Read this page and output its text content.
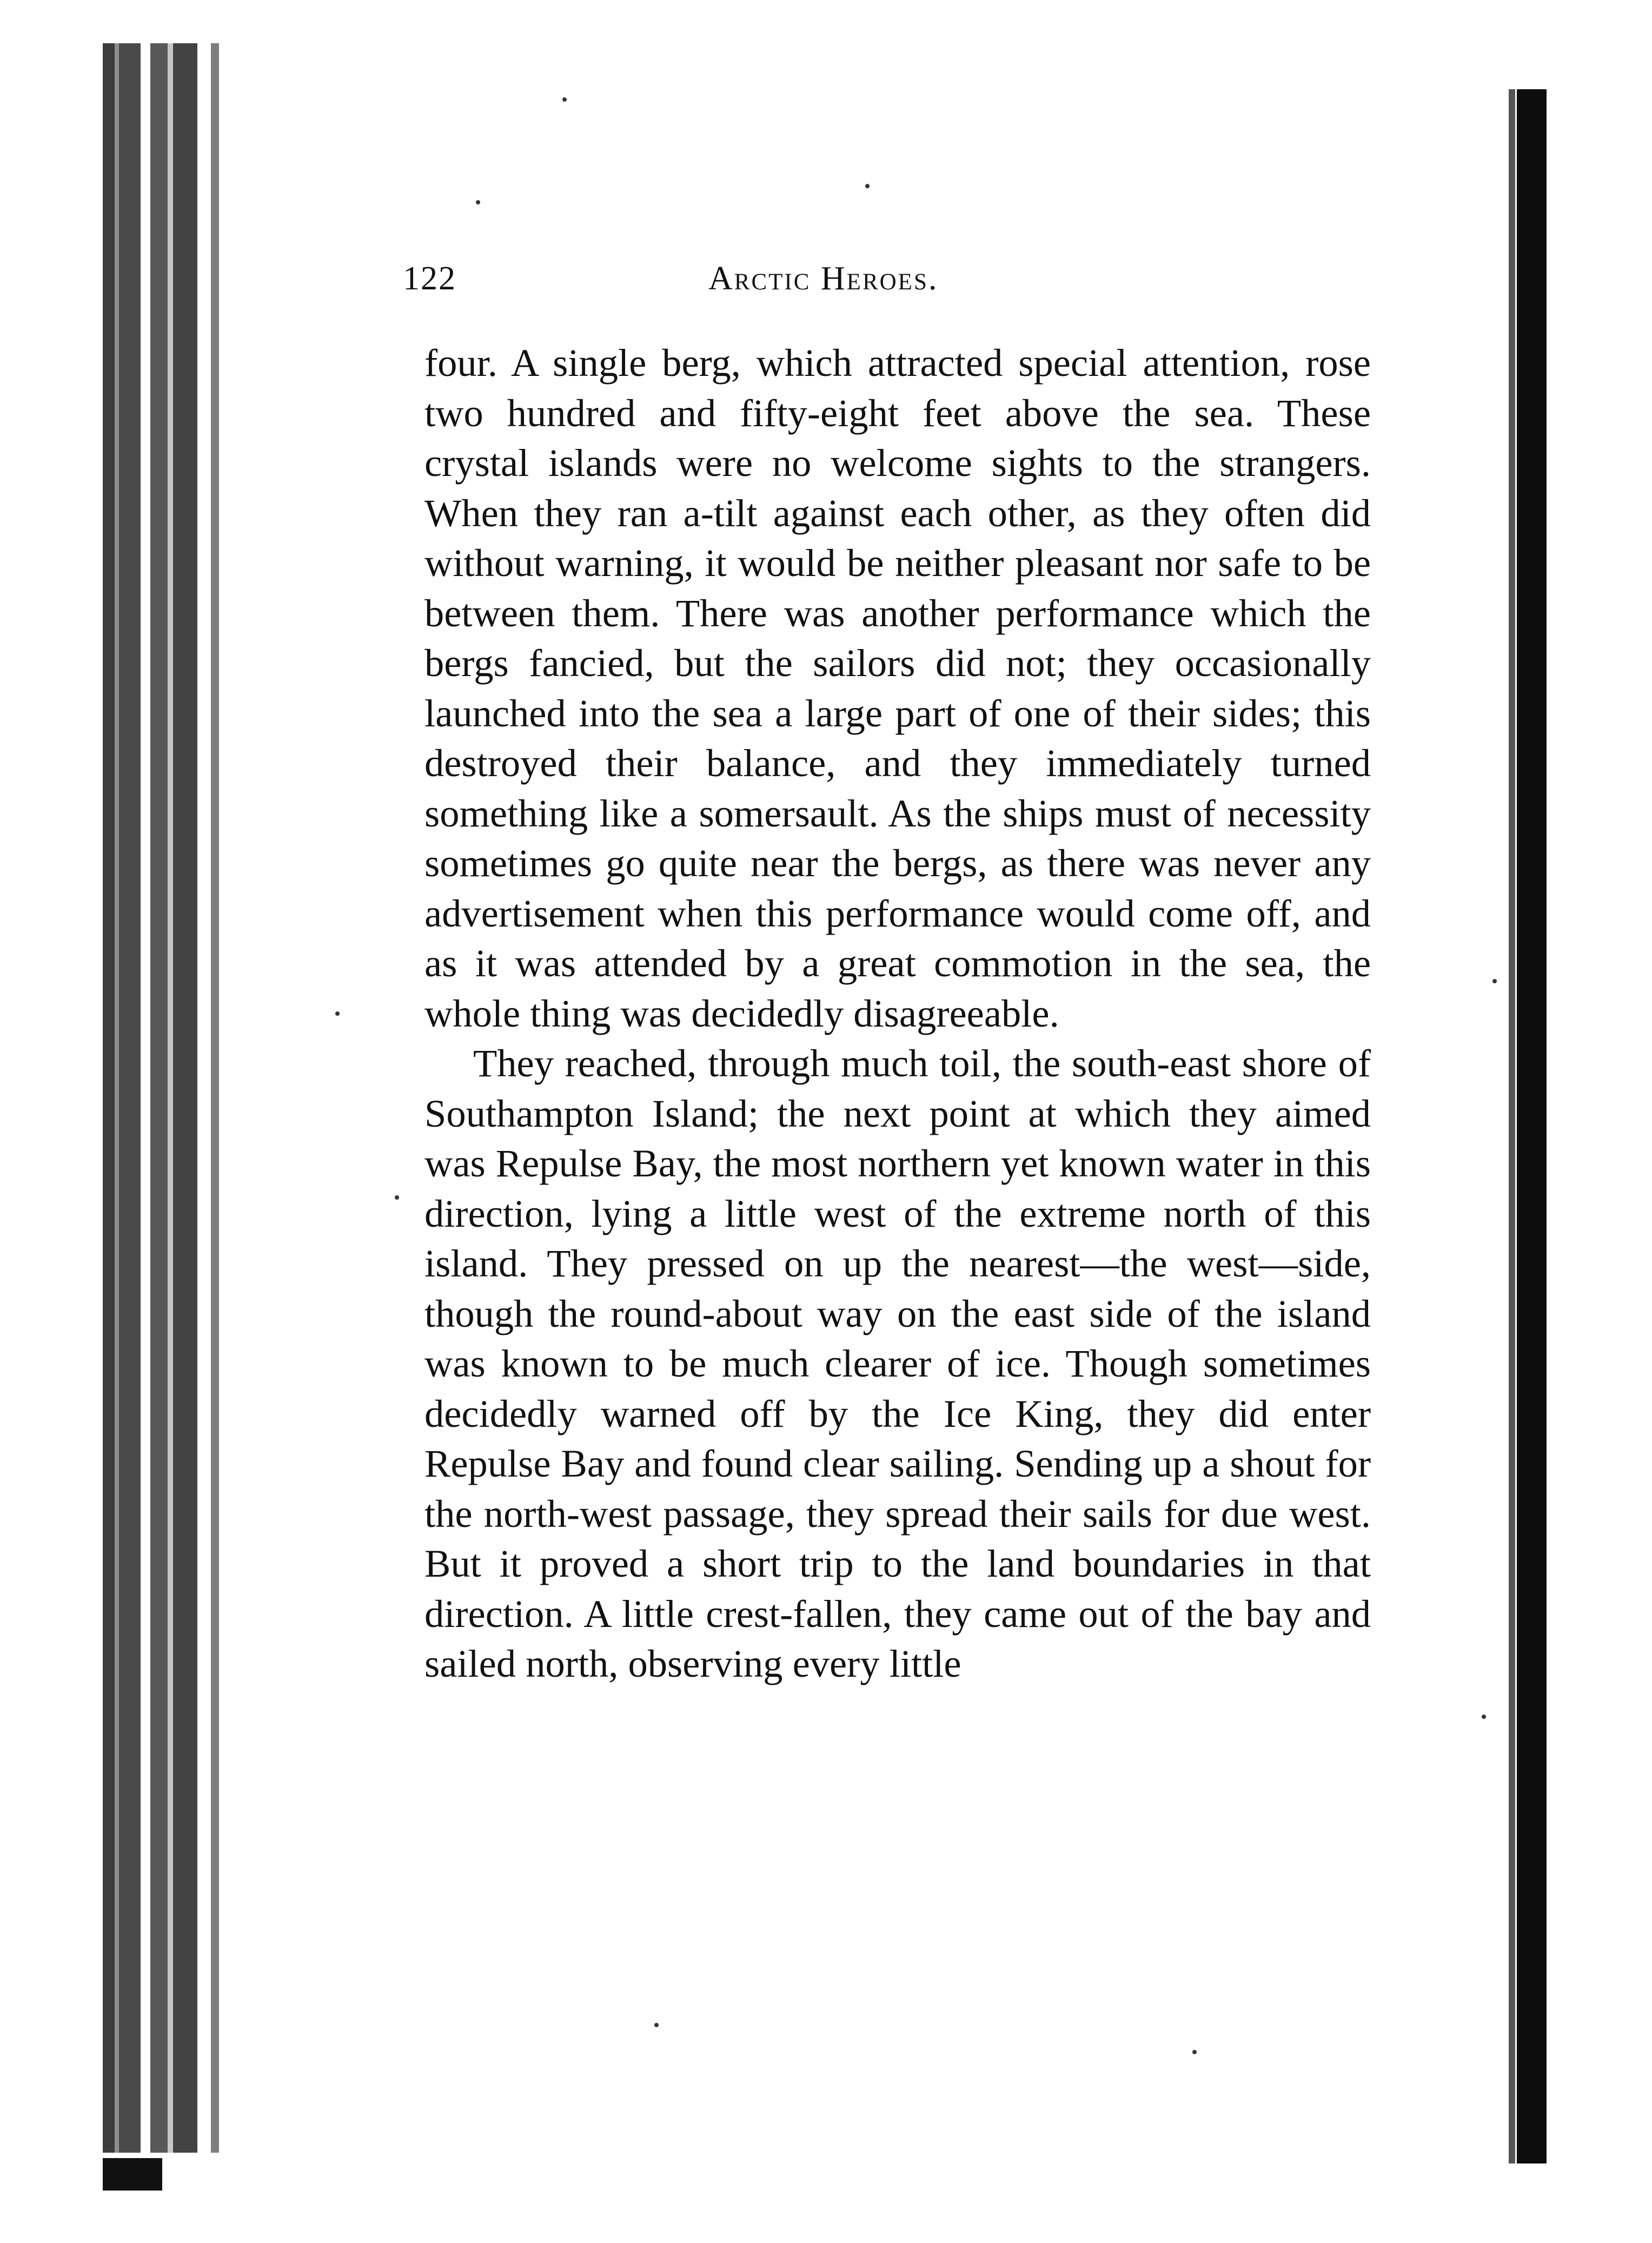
122	Arctic Heroes.

four. A single berg, which attracted special attention, rose two hundred and fifty-eight feet above the sea. These crystal islands were no welcome sights to the strangers. When they ran a-tilt against each other, as they often did without warning, it would be neither pleasant nor safe to be between them. There was another performance which the bergs fancied, but the sailors did not; they occasionally launched into the sea a large part of one of their sides; this destroyed their balance, and they immediately turned something like a somersault. As the ships must of necessity sometimes go quite near the bergs, as there was never any advertisement when this performance would come off, and as it was attended by a great commotion in the sea, the whole thing was decidedly disagreeable.

They reached, through much toil, the south-east shore of Southampton Island; the next point at which they aimed was Repulse Bay, the most northern yet known water in this direction, lying a little west of the extreme north of this island. They pressed on up the nearest—the west—side, though the round-about way on the east side of the island was known to be much clearer of ice. Though sometimes decidedly warned off by the Ice King, they did enter Repulse Bay and found clear sailing. Sending up a shout for the north-west passage, they spread their sails for due west. But it proved a short trip to the land boundaries in that direction. A little crest-fallen, they came out of the bay and sailed north, observing every little
